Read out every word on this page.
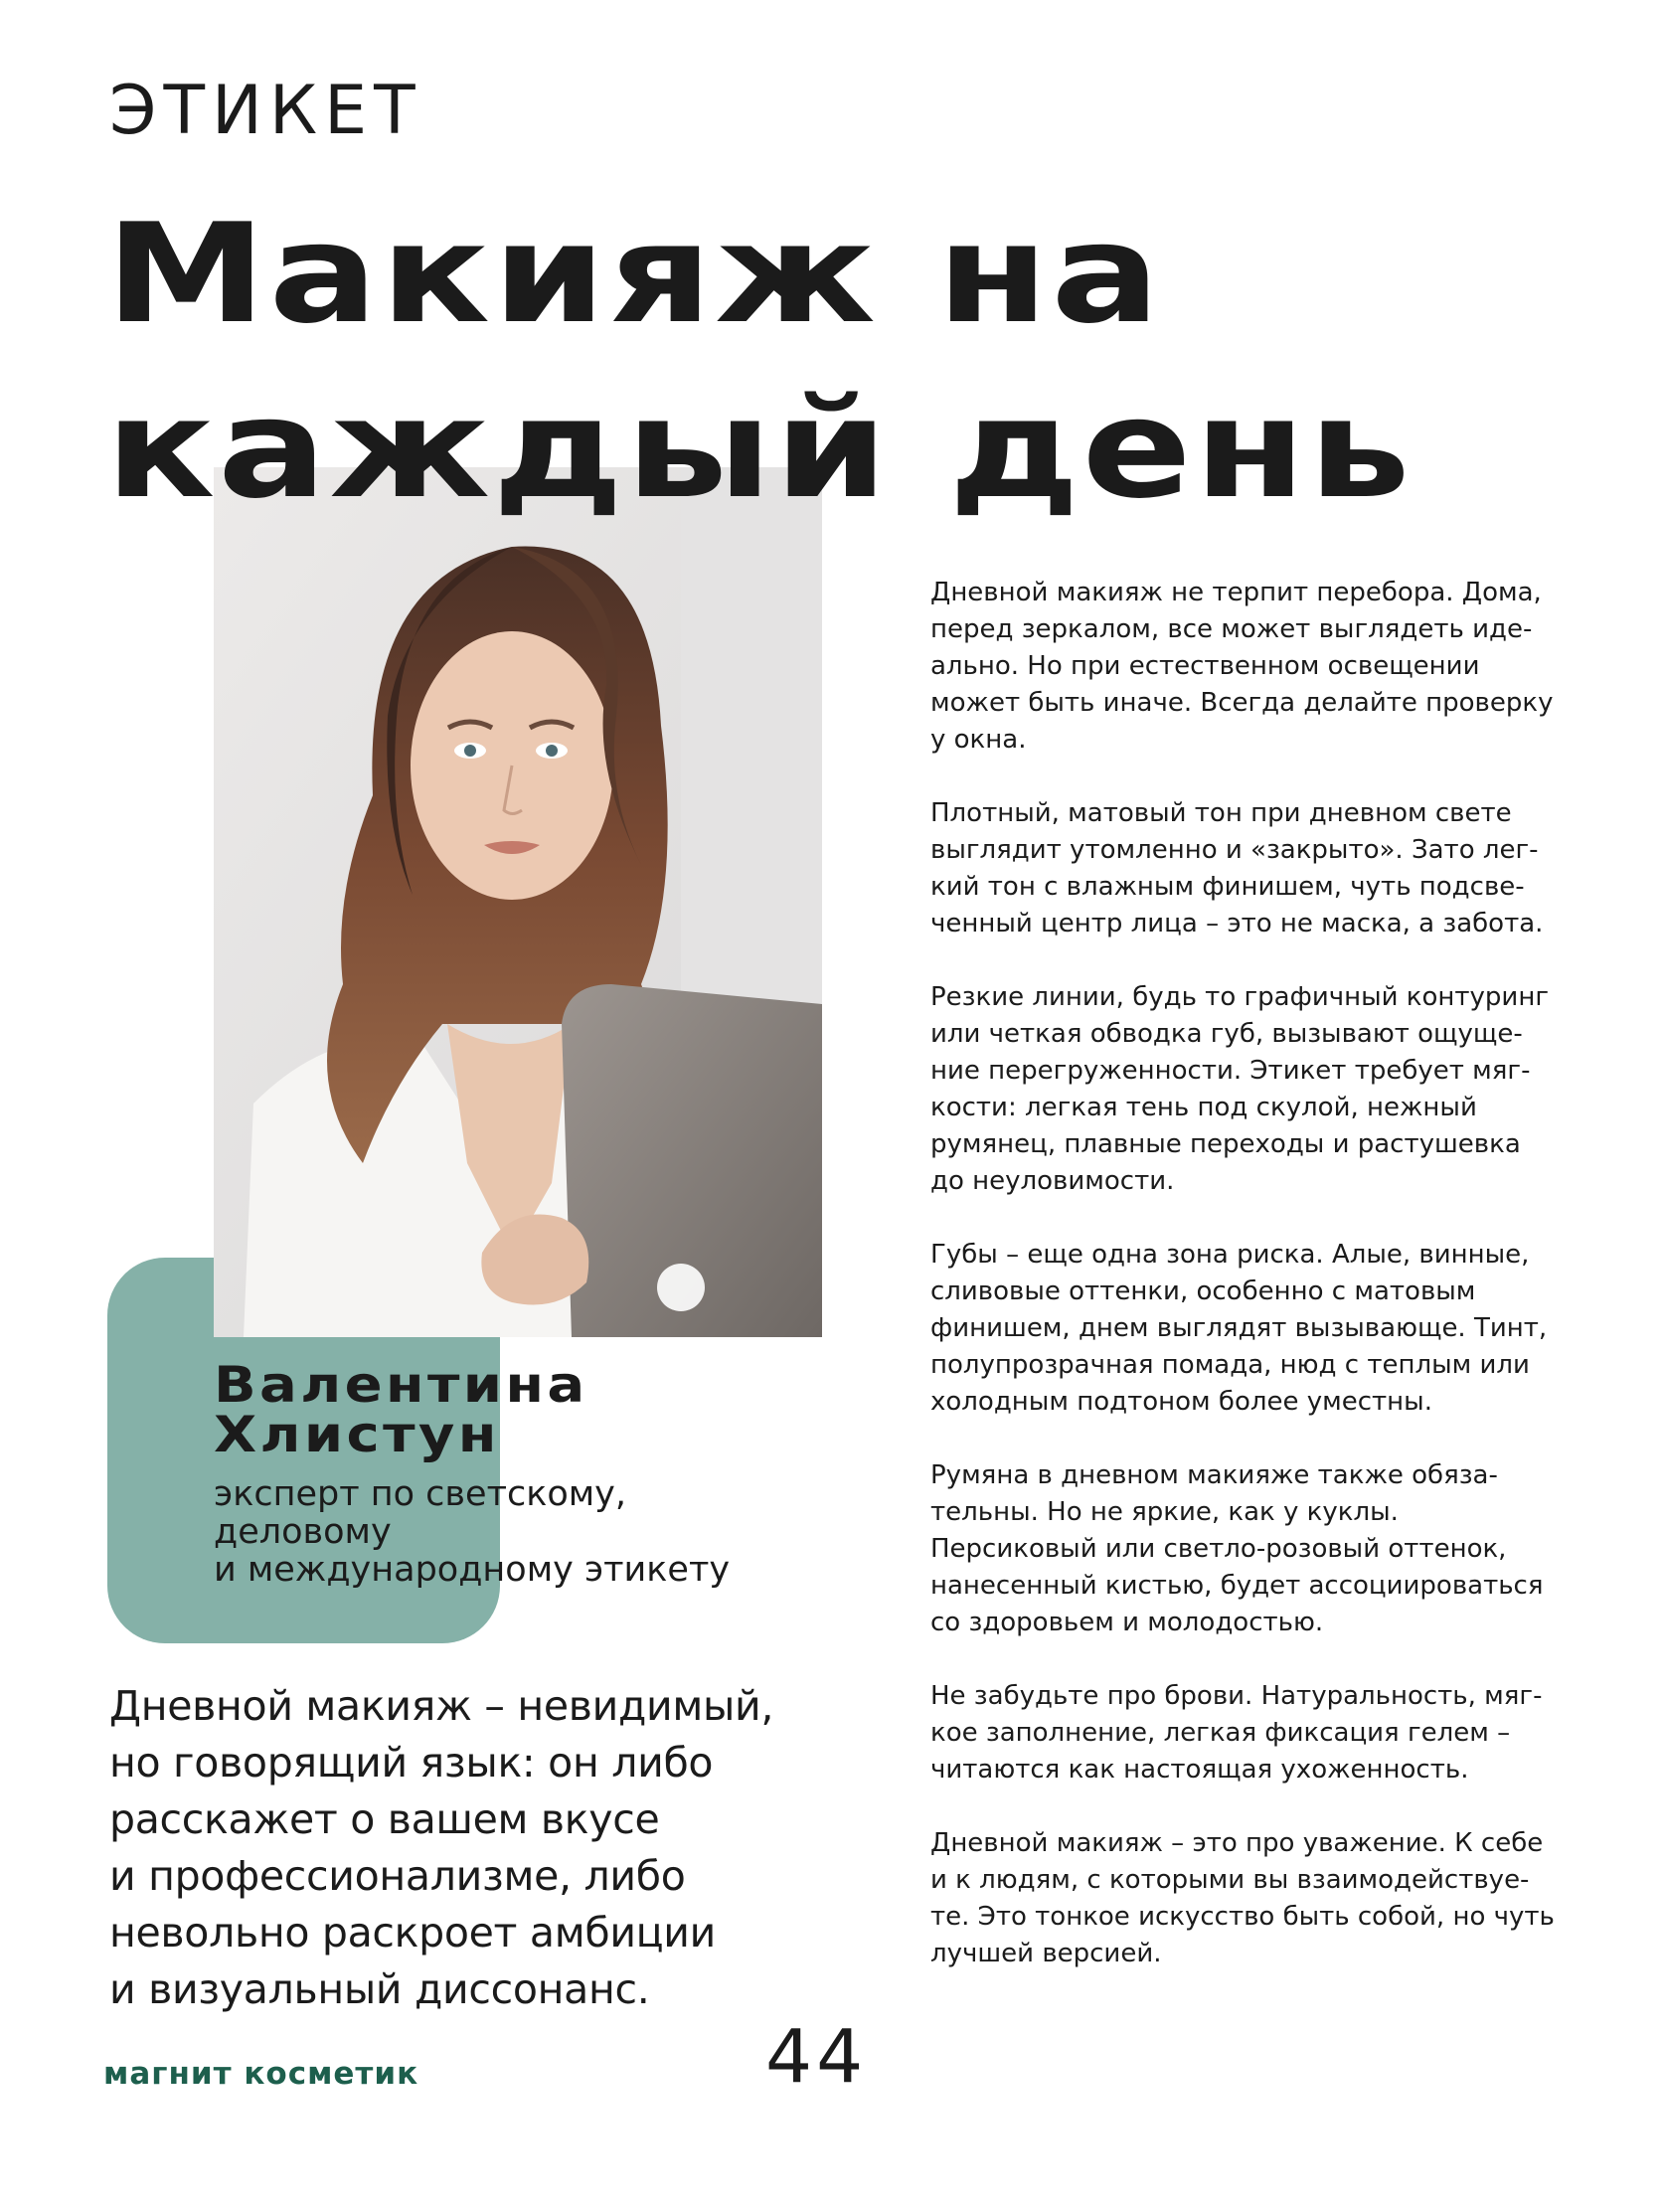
ЭТИКЕТ
Макияж на
каждый день
Валентина
Хлистун
эксперт по светскому,
деловому
и международному этикету
Дневной макияж – невидимый,
но говорящий язык: он либо
расскажет о вашем вкусе
и профессионализме, либо
невольно раскроет амбиции
и визуальный диссонанс.

Дневной макияж не терпит перебора. Дома,
перед зеркалом, все может выглядеть иде-
ально. Но при естественном освещении
может быть иначе. Всегда делайте проверку
у окна.

Плотный, матовый тон при дневном свете
выглядит утомленно и «закрыто». Зато лег-
кий тон с влажным финишем, чуть подсве-
ченный центр лица – это не маска, а забота.

Резкие линии, будь то графичный контуринг
или четкая обводка губ, вызывают ощуще-
ние перегруженности. Этикет требует мяг-
кости: легкая тень под скулой, нежный
румянец, плавные переходы и растушевка
до неуловимости.

Губы – еще одна зона риска. Алые, винные,
сливовые оттенки, особенно с матовым
финишем, днем выглядят вызывающе. Тинт,
полупрозрачная помада, нюд с теплым или
холодным подтоном более уместны.

Румяна в дневном макияже также обяза-
тельны. Но не яркие, как у куклы.
Персиковый или светло-розовый оттенок,
нанесенный кистью, будет ассоциироваться
со здоровьем и молодостью.

Не забудьте про брови. Натуральность, мяг-
кое заполнение, легкая фиксация гелем –
читаются как настоящая ухоженность.

Дневной макияж – это про уважение. К себе
и к людям, с которыми вы взаимодействуе-
те. Это тонкое искусство быть собой, но чуть
лучшей версией.

магнит косметик	44
